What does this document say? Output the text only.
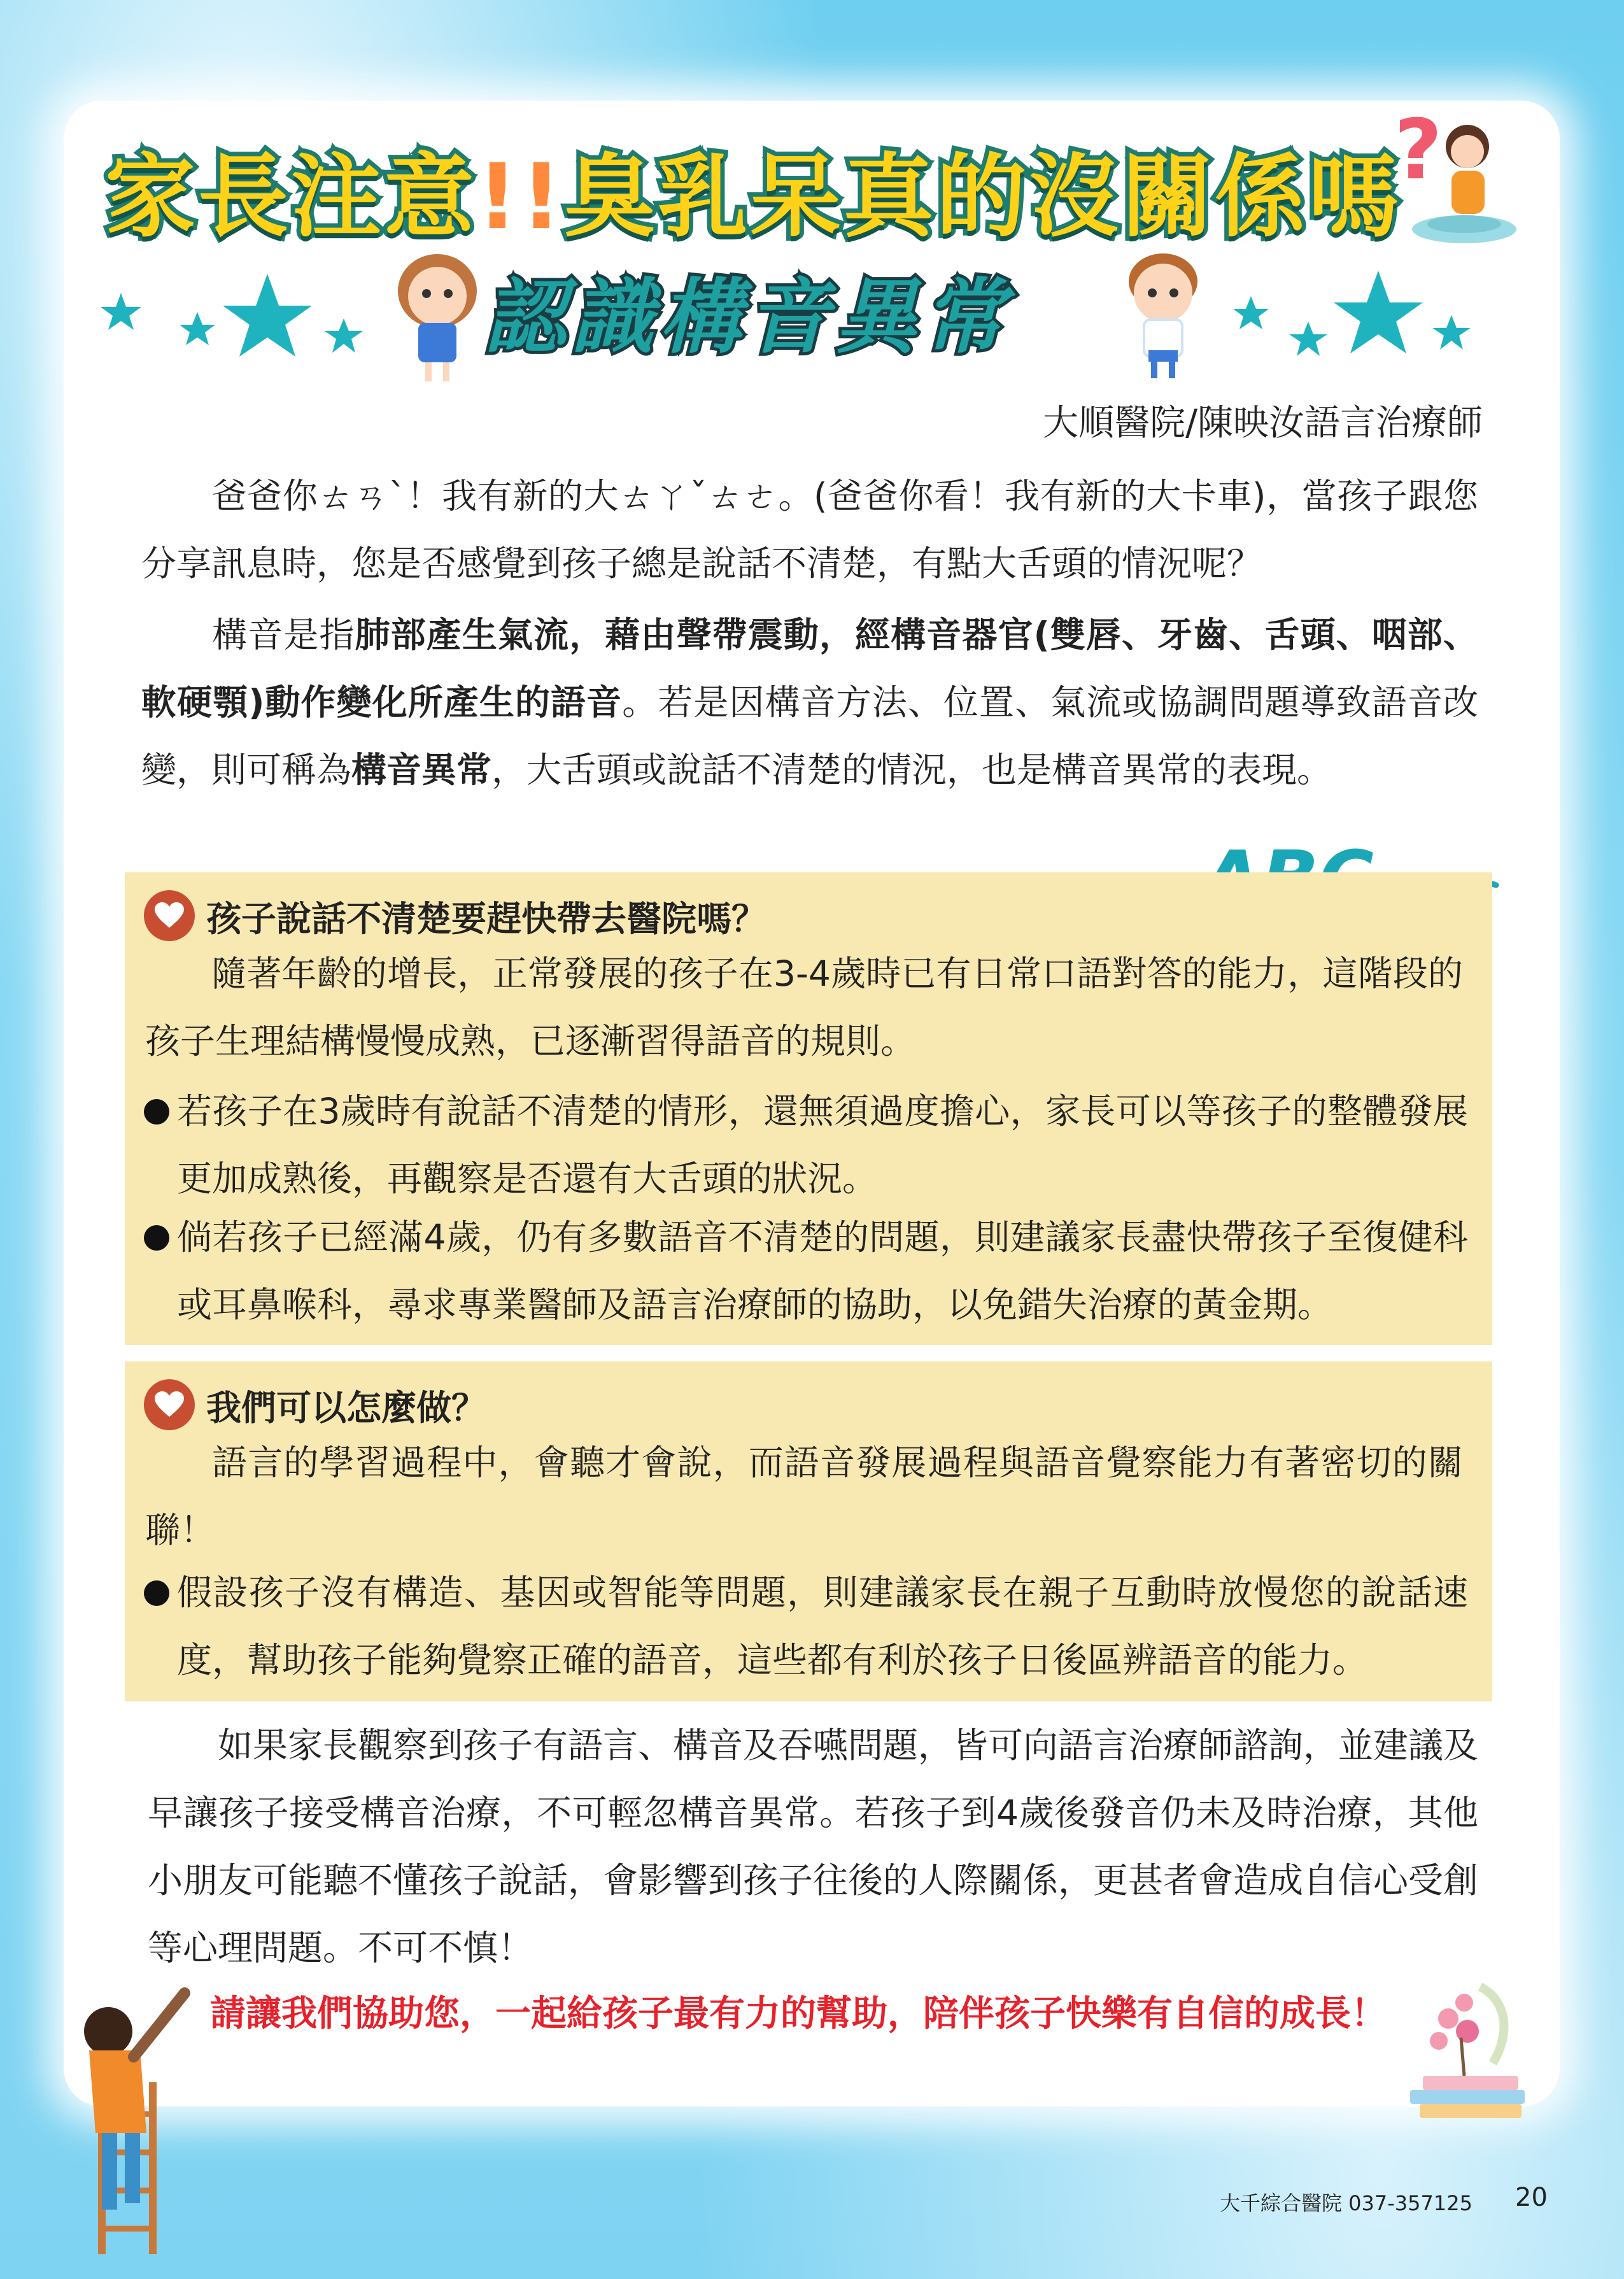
家長注意!!臭乳呆真的沒關係嗎
?
認識構音異常
大順醫院/陳映汝語言治療師
爸爸你ㄊㄢˋ！我有新的大ㄊㄚˇㄊㄜ。(爸爸你看！我有新的大卡車)，當孩子跟您分享訊息時，您是否感覺到孩子總是說話不清楚，有點大舌頭的情況呢？
構音是指肺部產生氣流，藉由聲帶震動，經構音器官(雙唇、牙齒、舌頭、咽部、軟硬顎)動作變化所產生的語音。若是因構音方法、位置、氣流或協調問題導致語音改變，則可稱為構音異常，大舌頭或說話不清楚的情況，也是構音異常的表現。
孩子說話不清楚要趕快帶去醫院嗎？
隨著年齡的增長，正常發展的孩子在3-4歲時已有日常口語對答的能力，這階段的孩子生理結構慢慢成熟，已逐漸習得語音的規則。
若孩子在3歲時有說話不清楚的情形，還無須過度擔心，家長可以等孩子的整體發展更加成熟後，再觀察是否還有大舌頭的狀況。
倘若孩子已經滿4歲，仍有多數語音不清楚的問題，則建議家長盡快帶孩子至復健科或耳鼻喉科，尋求專業醫師及語言治療師的協助，以免錯失治療的黃金期。
我們可以怎麼做？
語言的學習過程中，會聽才會說，而語音發展過程與語音覺察能力有著密切的關聯！
假設孩子沒有構造、基因或智能等問題，則建議家長在親子互動時放慢您的說話速度，幫助孩子能夠覺察正確的語音，這些都有利於孩子日後區辨語音的能力。
如果家長觀察到孩子有語言、構音及吞嚥問題，皆可向語言治療師諮詢，並建議及早讓孩子接受構音治療，不可輕忽構音異常。若孩子到4歲後發音仍未及時治療，其他小朋友可能聽不懂孩子說話，會影響到孩子往後的人際關係，更甚者會造成自信心受創等心理問題。不可不慎！
請讓我們協助您，一起給孩子最有力的幫助，陪伴孩子快樂有自信的成長！
大千綜合醫院 037-357125 20
